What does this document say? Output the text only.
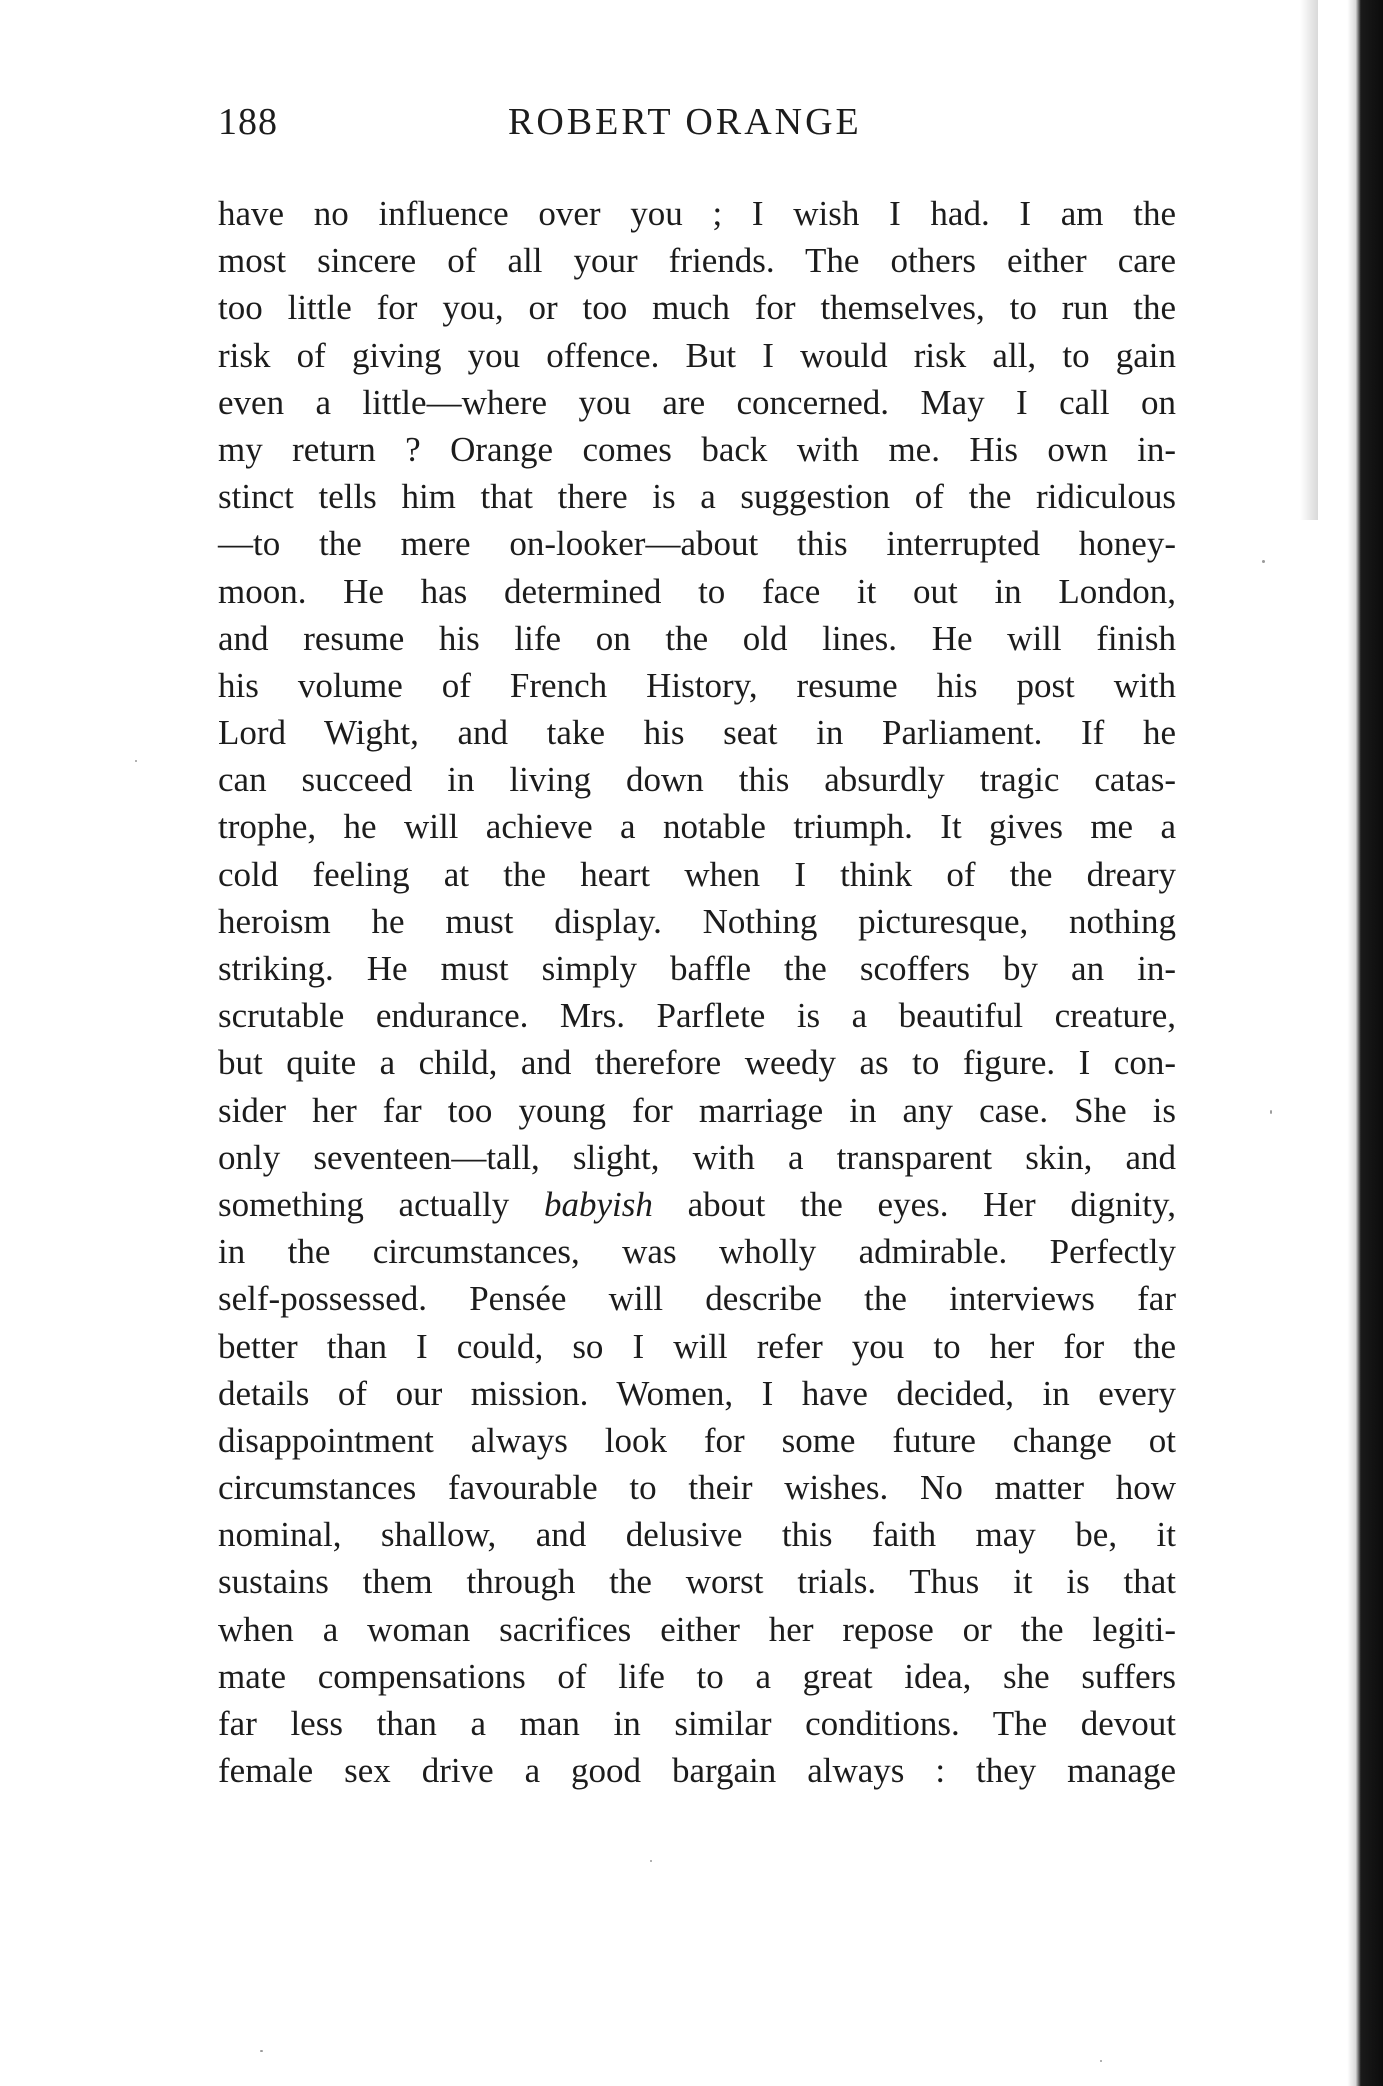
188	ROBERT ORANGE
have no influence over you ; I wish I had. I am the
most sincere of all your friends. The others either care
too little for you, or too much for themselves, to run the
risk of giving you offence. But I would risk all, to gain
even a little—where you are concerned. May I call on
my return ? Orange comes back with me. His own in-
stinct tells him that there is a suggestion of the ridiculous
—to the mere on-looker—about this interrupted honey-
moon. He has determined to face it out in London,
and resume his life on the old lines. He will finish
his volume of French History, resume his post with
Lord Wight, and take his seat in Parliament. If he
can succeed in living down this absurdly tragic catas-
trophe, he will achieve a notable triumph. It gives me a
cold feeling at the heart when I think of the dreary
heroism he must display. Nothing picturesque, nothing
striking. He must simply baffle the scoffers by an in-
scrutable endurance. Mrs. Parflete is a beautiful creature,
but quite a child, and therefore weedy as to figure. I con-
sider her far too young for marriage in any case. She is
only seventeen—tall, slight, with a transparent skin, and
something actually babyish about the eyes. Her dignity,
in the circumstances, was wholly admirable. Perfectly
self-possessed. Pensée will describe the interviews far
better than I could, so I will refer you to her for the
details of our mission. Women, I have decided, in every
disappointment always look for some future change ot
circumstances favourable to their wishes. No matter how
nominal, shallow, and delusive this faith may be, it
sustains them through the worst trials. Thus it is that
when a woman sacrifices either her repose or the legiti-
mate compensations of life to a great idea, she suffers
far less than a man in similar conditions. The devout
female sex drive a good bargain always : they manage
